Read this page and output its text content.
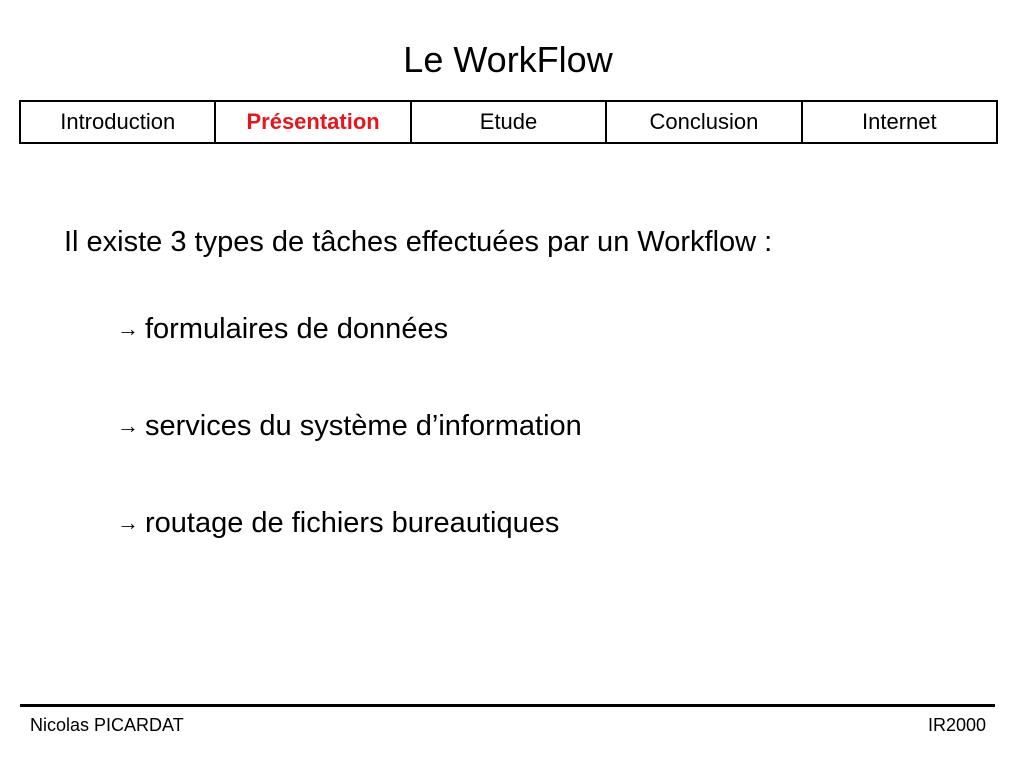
Le WorkFlow
Introduction	Présentation	Etude	Conclusion	Internet
Il existe 3 types de tâches effectuées par un Workflow :
→ formulaires de données
→ services du système d’information
→ routage de fichiers bureautiques
Nicolas PICARDAT	IR2000
